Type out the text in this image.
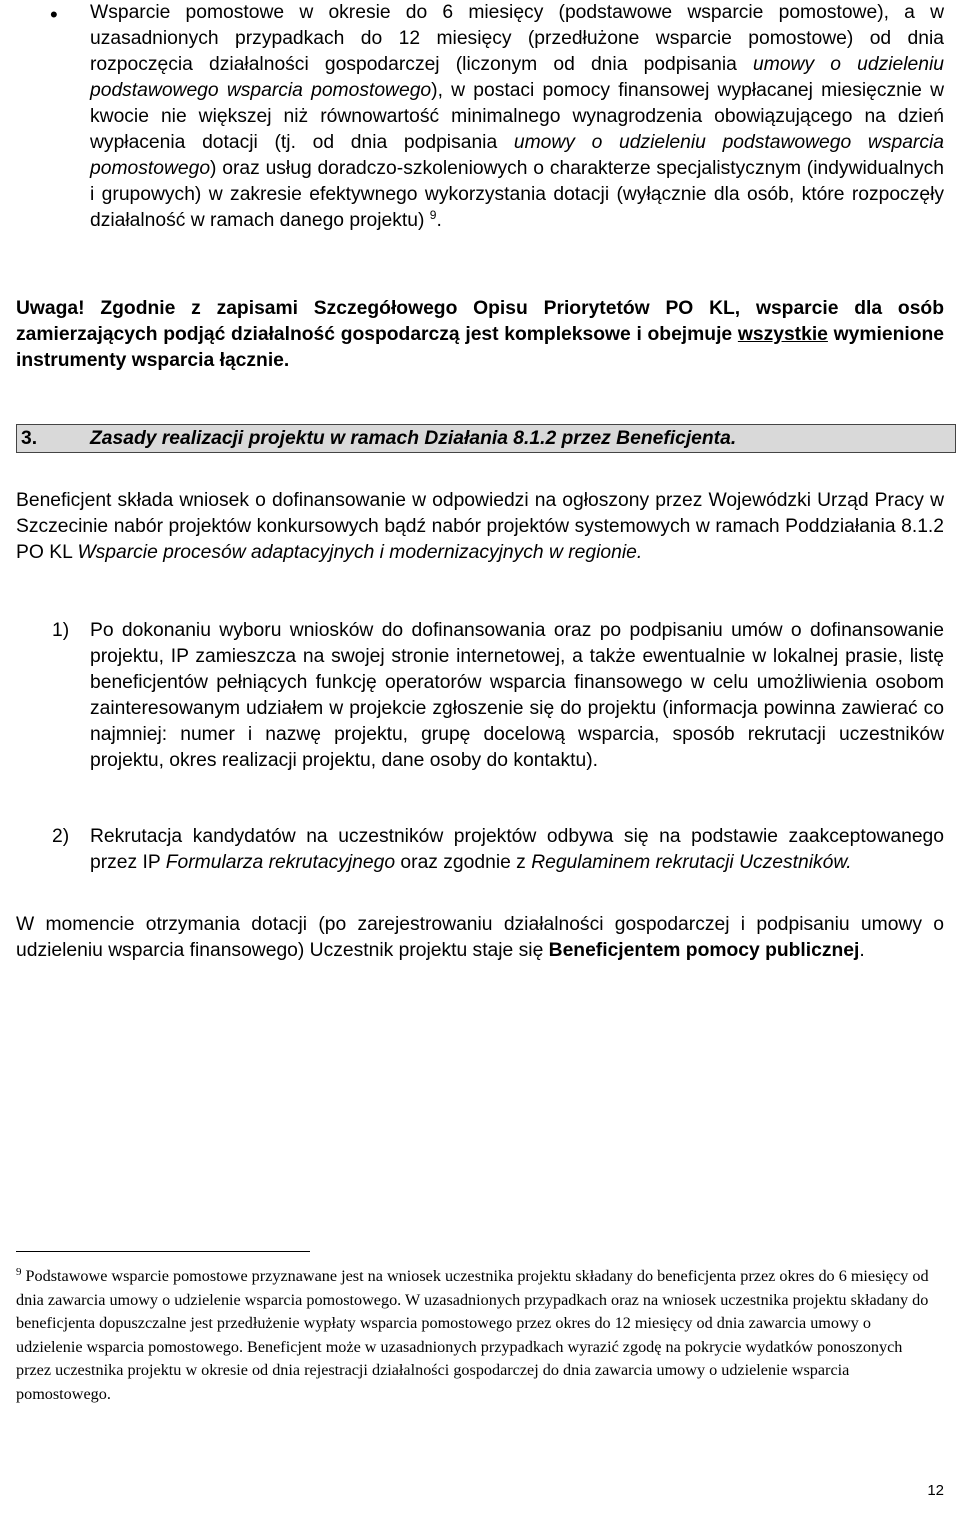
• Wsparcie pomostowe w okresie do 6 miesięcy (podstawowe wsparcie pomostowe), a w uzasadnionych przypadkach do 12 miesięcy (przedłużone wsparcie pomostowe) od dnia rozpoczęcia działalności gospodarczej (liczonym od dnia podpisania umowy o udzieleniu podstawowego wsparcia pomostowego), w postaci pomocy finansowej wypłacanej miesięcznie w kwocie nie większej niż równowartość minimalnego wynagrodzenia obowiązującego na dzień wypłacenia dotacji (tj. od dnia podpisania umowy o udzieleniu podstawowego wsparcia pomostowego) oraz usług doradczo-szkoleniowych o charakterze specjalistycznym (indywidualnych i grupowych) w zakresie efektywnego wykorzystania dotacji (wyłącznie dla osób, które rozpoczęły działalność w ramach danego projektu) $^9$.

Uwaga! Zgodnie z zapisami Szczegółowego Opisu Priorytetów PO KL, wsparcie dla osób zamierzających podjąć działalność gospodarczą jest kompleksowe i obejmuje wszystkie wymienione instrumenty wsparcia łącznie.

3.	Zasady realizacji projektu w ramach Działania 8.1.2 przez Beneficjenta.

Beneficjent składa wniosek o dofinansowanie w odpowiedzi na ogłoszony przez Wojewódzki Urząd Pracy w Szczecinie nabór projektów konkursowych bądź nabór projektów systemowych w ramach Poddziałania 8.1.2 PO KL Wsparcie procesów adaptacyjnych i modernizacyjnych w regionie.

1) Po dokonaniu wyboru wniosków do dofinansowania oraz po podpisaniu umów o dofinansowanie projektu, IP zamieszcza na swojej stronie internetowej, a także ewentualnie w lokalnej prasie, listę beneficjentów pełniących funkcję operatorów wsparcia finansowego w celu umożliwienia osobom zainteresowanym udziałem w projekcie zgłoszenie się do projektu (informacja powinna zawierać co najmniej: numer i nazwę projektu, grupę docelową wsparcia, sposób rekrutacji uczestników projektu, okres realizacji projektu, dane osoby do kontaktu).

2) Rekrutacja kandydatów na uczestników projektów odbywa się na podstawie zaakceptowanego przez IP Formularza rekrutacyjnego oraz zgodnie z Regulaminem rekrutacji Uczestników.

W momencie otrzymania dotacji (po zarejestrowaniu działalności gospodarczej i podpisaniu umowy o udzieleniu wsparcia finansowego) Uczestnik projektu staje się Beneficjentem pomocy publicznej.

$^9$ Podstawowe wsparcie pomostowe przyznawane jest na wniosek uczestnika projektu składany do beneficjenta przez okres do 6 miesięcy od dnia zawarcia umowy o udzielenie wsparcia pomostowego. W uzasadnionych przypadkach oraz na wniosek uczestnika projektu składany do beneficjenta dopuszczalne jest przedłużenie wypłaty wsparcia pomostowego przez okres do 12 miesięcy od dnia zawarcia umowy o udzielenie wsparcia pomostowego. Beneficjent może w uzasadnionych przypadkach wyrazić zgodę na pokrycie wydatków ponoszonych przez uczestnika projektu w okresie od dnia rejestracji działalności gospodarczej do dnia zawarcia umowy o udzielenie wsparcia pomostowego.

12
